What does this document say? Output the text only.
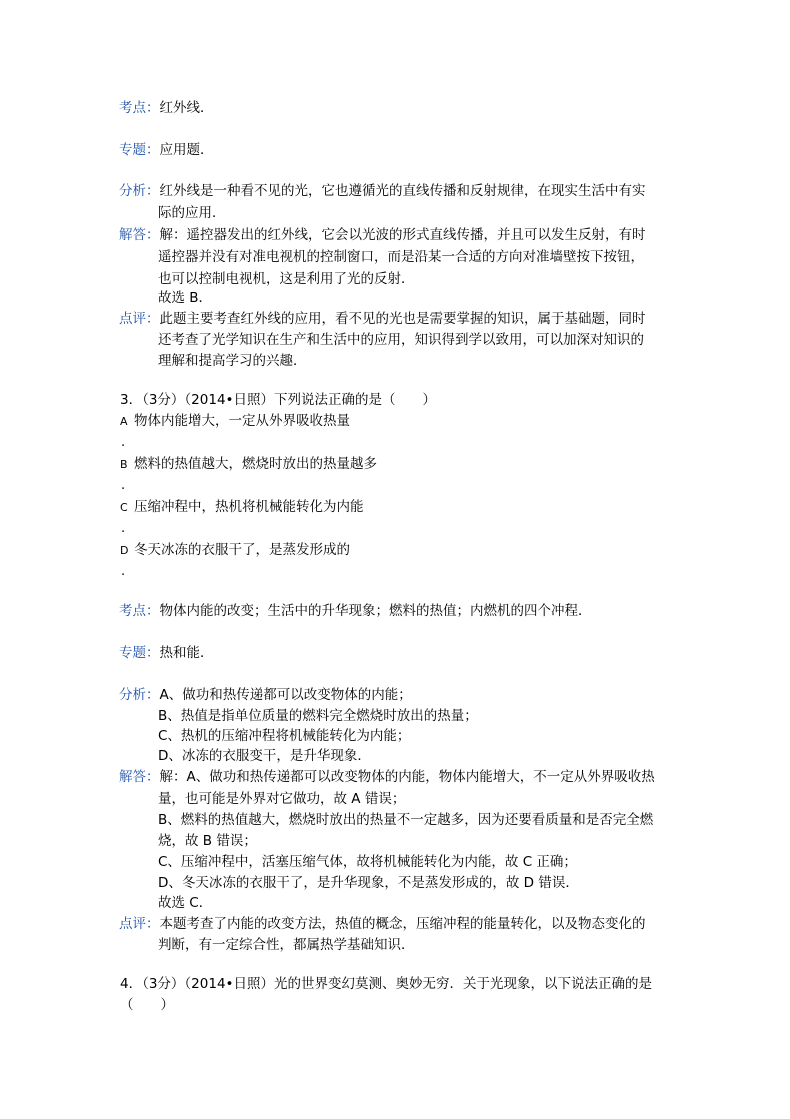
考点：红外线．
专题：应用题．
分析：红外线是一种看不见的光，它也遵循光的直线传播和反射规律，在现实生活中有实
际的应用．
解答：解：遥控器发出的红外线，它会以光波的形式直线传播，并且可以发生反射，有时
遥控器并没有对准电视机的控制窗口，而是沿某一合适的方向对准墙壁按下按钮，
也可以控制电视机，这是利用了光的反射．
故选 B．
点评：此题主要考查红外线的应用，看不见的光也是需要掌握的知识，属于基础题，同时
还考查了光学知识在生产和生活中的应用，知识得到学以致用，可以加深对知识的
理解和提高学习的兴趣．
3．（3分）（2014•日照）下列说法正确的是（　　）
A 物体内能增大，一定从外界吸收热量
.
B 燃料的热值越大，燃烧时放出的热量越多
.
C 压缩冲程中，热机将机械能转化为内能
.
D 冬天冰冻的衣服干了，是蒸发形成的
.
考点：物体内能的改变；生活中的升华现象；燃料的热值；内燃机的四个冲程．
专题：热和能．
分析：A、做功和热传递都可以改变物体的内能；
B、热值是指单位质量的燃料完全燃烧时放出的热量；
C、热机的压缩冲程将机械能转化为内能；
D、冰冻的衣服变干，是升华现象．
解答：解：A、做功和热传递都可以改变物体的内能，物体内能增大，不一定从外界吸收热
量，也可能是外界对它做功，故 A 错误；
B、燃料的热值越大，燃烧时放出的热量不一定越多，因为还要看质量和是否完全燃
烧，故 B 错误；
C、压缩冲程中，活塞压缩气体，故将机械能转化为内能，故 C 正确；
D、冬天冰冻的衣服干了，是升华现象，不是蒸发形成的，故 D 错误．
故选 C．
点评：本题考查了内能的改变方法，热值的概念，压缩冲程的能量转化，以及物态变化的
判断，有一定综合性，都属热学基础知识．
4．（3分）（2014•日照）光的世界变幻莫测、奥妙无穷．关于光现象，以下说法正确的是
（　　）
